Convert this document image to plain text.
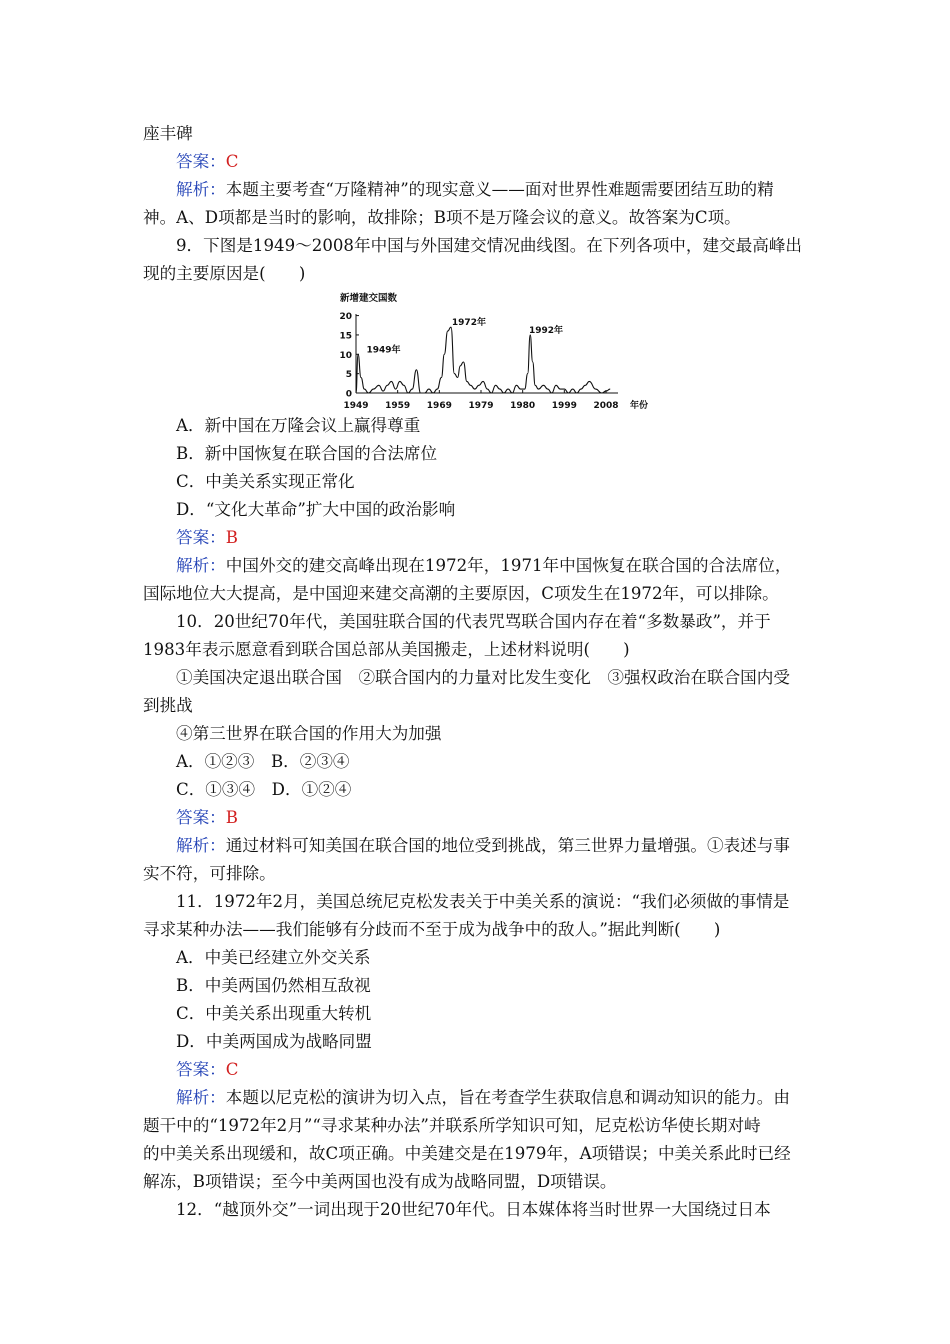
座丰碑
答案：C
解析：本题主要考查“万隆精神”的现实意义——面对世界性难题需要团结互助的精
神。A、D项都是当时的影响，故排除；B项不是万隆会议的意义。故答案为C项。
9．下图是1949～2008年中国与外国建交情况曲线图。在下列各项中，建交最高峰出
现的主要原因是(　　)
新增建交国数
0
5
10
15
20
1949 1959 1969 1979 1980 1999 2008 年份
1949年
1972年
1992年
A．新中国在万隆会议上赢得尊重
B．新中国恢复在联合国的合法席位
C．中美关系实现正常化
D．“文化大革命”扩大中国的政治影响
答案：B
解析：中国外交的建交高峰出现在1972年，1971年中国恢复在联合国的合法席位，
国际地位大大提高，是中国迎来建交高潮的主要原因，C项发生在1972年，可以排除。
10．20世纪70年代，美国驻联合国的代表咒骂联合国内存在着“多数暴政”，并于
1983年表示愿意看到联合国总部从美国搬走，上述材料说明(　　)
①美国决定退出联合国　②联合国内的力量对比发生变化　③强权政治在联合国内受
到挑战
④第三世界在联合国的作用大为加强
A．①②③　B．②③④
C．①③④　D．①②④
答案：B
解析：通过材料可知美国在联合国的地位受到挑战，第三世界力量增强。①表述与事
实不符，可排除。
11．1972年2月，美国总统尼克松发表关于中美关系的演说：“我们必须做的事情是
寻求某种办法——我们能够有分歧而不至于成为战争中的敌人。”据此判断(　　)
A．中美已经建立外交关系
B．中美两国仍然相互敌视
C．中美关系出现重大转机
D．中美两国成为战略同盟
答案：C
解析：本题以尼克松的演讲为切入点，旨在考查学生获取信息和调动知识的能力。由
题干中的“1972年2月”“寻求某种办法”并联系所学知识可知，尼克松访华使长期对峙
的中美关系出现缓和，故C项正确。中美建交是在1979年，A项错误；中美关系此时已经
解冻，B项错误；至今中美两国也没有成为战略同盟，D项错误。
12．“越顶外交”一词出现于20世纪70年代。日本媒体将当时世界一大国绕过日本
